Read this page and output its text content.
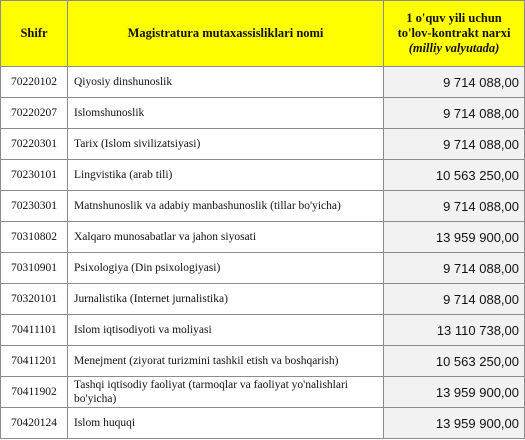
Shifr	Magistratura mutaxassisliklari nomi	1 o'quv yili uchun
to'lov-kontrakt narxi
(milliy valyutada)

70220102	Qiyosiy dinshunoslik	9 714 088,00
70220207	Islomshunoslik	9 714 088,00
70220301	Tarix (Islom sivilizatsiyasi)	9 714 088,00
70230101	Lingvistika (arab tili)	10 563 250,00
70230301	Matnshunoslik va adabiy manbashunoslik (tillar bo'yicha)	9 714 088,00
70310802	Xalqaro munosabatlar va jahon siyosati	13 959 900,00
70310901	Psixologiya (Din psixologiyasi)	9 714 088,00
70320101	Jurnalistika (Internet jurnalistika)	9 714 088,00
70411101	Islom iqtisodiyoti va moliyasi	13 110 738,00
70411201	Menejment (ziyorat turizmini tashkil etish va boshqarish)	10 563 250,00
70411902	Tashqi iqtisodiy faoliyat (tarmoqlar va faoliyat yo'nalishlari bo'yicha)	13 959 900,00
70420124	Islom huquqi	13 959 900,00
